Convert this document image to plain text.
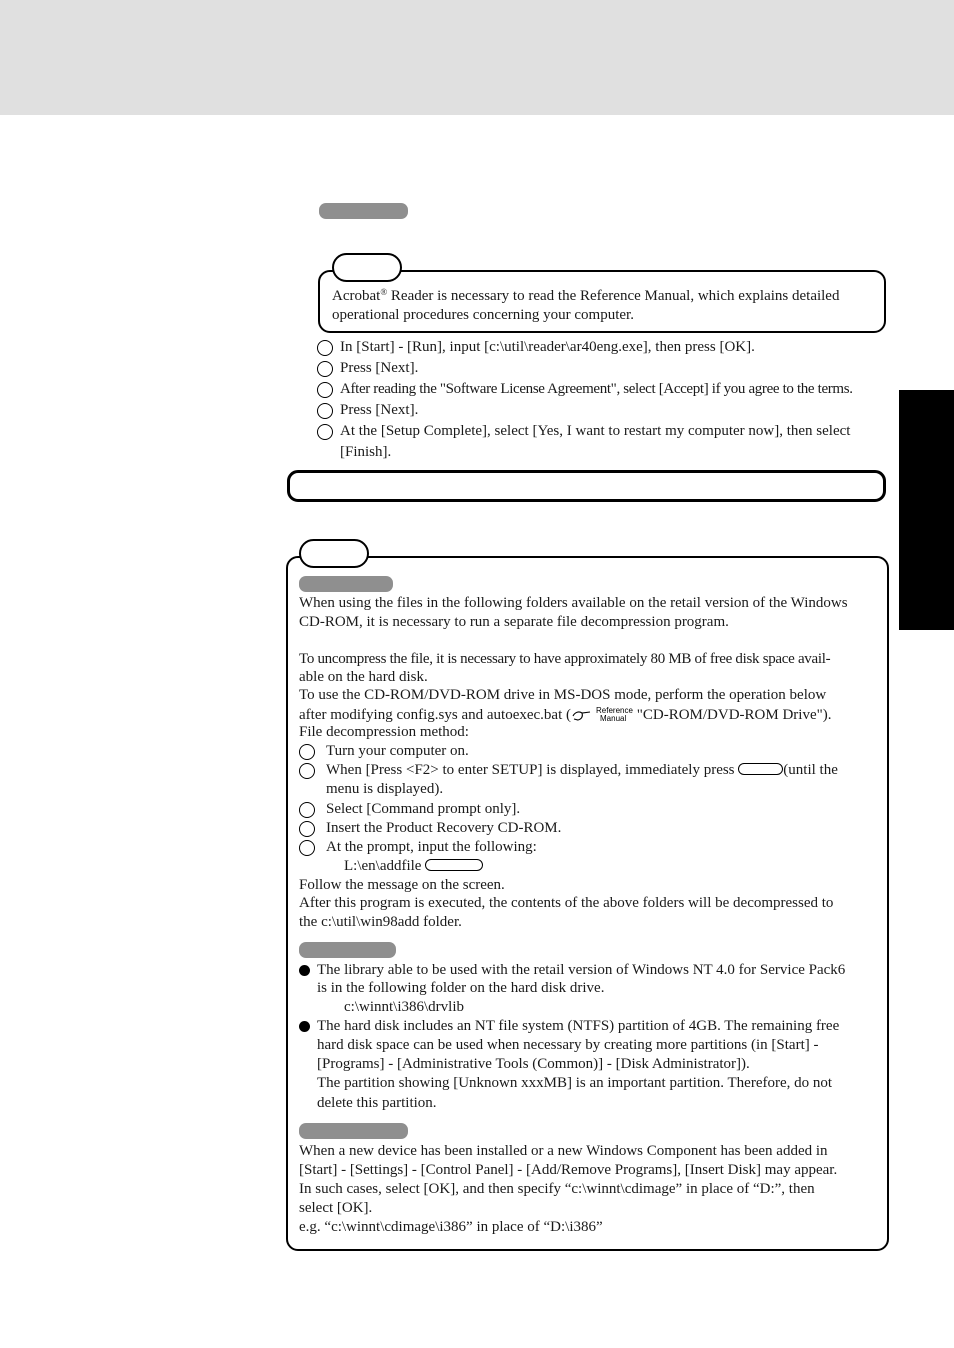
Acrobat® Reader is necessary to read the Reference Manual, which explains detailed
operational procedures concerning your computer.
In [Start] - [Run], input [c:\util\reader\ar40eng.exe], then press [OK].
Press [Next].
After reading the "Software License Agreement", select [Accept] if you agree to the terms.
Press [Next].
At the [Setup Complete], select [Yes, I want to restart my computer now], then select
[Finish].
When using the files in the following folders available on the retail version of the Windows
CD-ROM, it is necessary to run a separate file decompression program.
To uncompress the file, it is necessary to have approximately 80 MB of free disk space avail-
able on the hard disk.
To use the CD-ROM/DVD-ROM drive in MS-DOS mode, perform the operation below
after modifying config.sys and autoexec.bat (	Reference
Manual "CD-ROM/DVD-ROM Drive").
File decompression method:
Turn your computer on.
When [Press <F2> to enter SETUP] is displayed, immediately press	(until the
menu is displayed).
Select [Command prompt only].
Insert the Product Recovery CD-ROM.
At the prompt, input the following:
L:\en\addfile
Follow the message on the screen.
After this program is executed, the contents of the above folders will be decompressed to
the c:\util\win98add folder.
The library able to be used with the retail version of Windows NT 4.0 for Service Pack6
is in the following folder on the hard disk drive.
c:\winnt\i386\drvlib
The hard disk includes an NT file system (NTFS) partition of 4GB. The remaining free
hard disk space can be used when necessary by creating more partitions (in [Start] -
[Programs] - [Administrative Tools (Common)] - [Disk Administrator]).
The partition showing [Unknown xxxMB] is an important partition. Therefore, do not
delete this partition.
When a new device has been installed or a new Windows Component has been added in
[Start] - [Settings] - [Control Panel] - [Add/Remove Programs], [Insert Disk] may appear.
In such cases, select [OK], and then specify “c:\winnt\cdimage” in place of “D:”, then
select [OK].
e.g. “c:\winnt\cdimage\i386” in place of “D:\i386”
